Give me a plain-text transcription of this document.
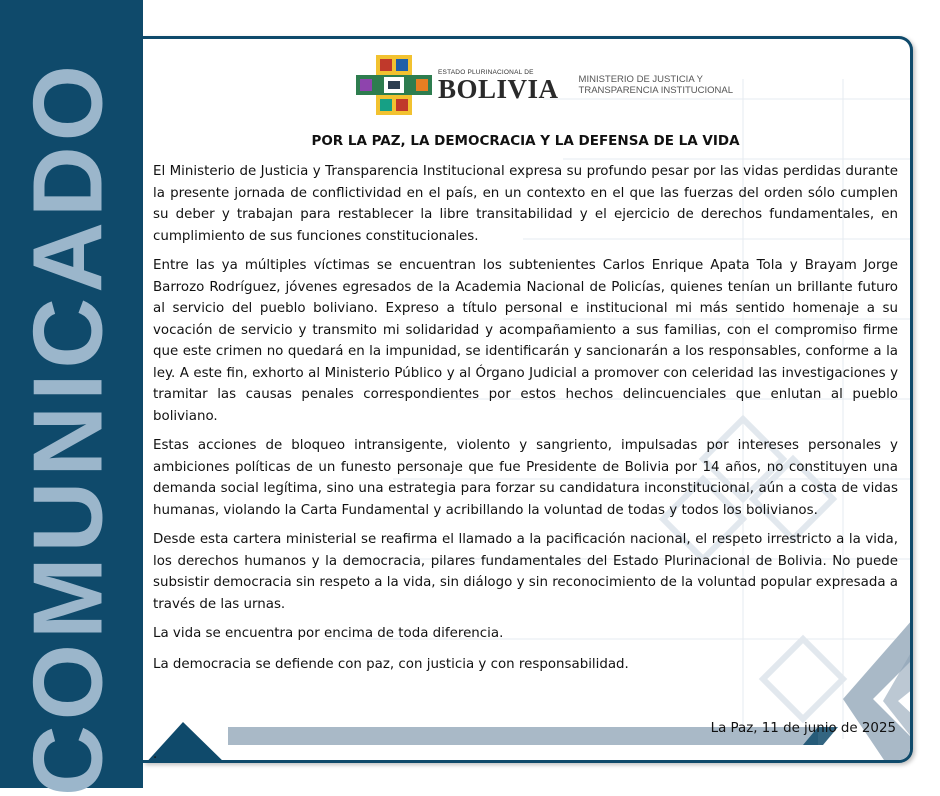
COMUNICADO	ESTADO PLURINACIONAL DE
BOLIVIA MINISTERIO DE JUSTICIA Y
TRANSPARENCIA INSTITUCIONAL
POR LA PAZ, LA DEMOCRACIA Y LA DEFENSA DE LA VIDA

El Ministerio de Justicia y Transparencia Institucional expresa su profundo pesar por las vidas perdidas durante la presente jornada de conflictividad en el país, en un contexto en el que las fuerzas del orden sólo cumplen su deber y trabajan para restablecer la libre transitabilidad y el ejercicio de derechos fundamentales, en cumplimiento de sus funciones constitucionales.

Entre las ya múltiples víctimas se encuentran los subtenientes Carlos Enrique Apata Tola y Brayam Jorge Barrozo Rodríguez, jóvenes egresados de la Academia Nacional de Policías, quienes tenían un brillante futuro al servicio del pueblo boliviano. Expreso a título personal e institucional mi más sentido homenaje a su vocación de servicio y transmito mi solidaridad y acompañamiento a sus familias, con el compromiso firme que este crimen no quedará en la impunidad, se identificarán y sancionarán a los responsables, conforme a la ley. A este fin, exhorto al Ministerio Público y al Órgano Judicial a promover con celeridad las investigaciones y tramitar las causas penales correspondientes por estos hechos delincuenciales que enlutan al pueblo boliviano.

Estas acciones de bloqueo intransigente, violento y sangriento, impulsadas por intereses personales y ambiciones políticas de un funesto personaje que fue Presidente de Bolivia por 14 años, no constituyen una demanda social legítima, sino una estrategia para forzar su candidatura inconstitucional, aún a costa de vidas humanas, violando la Carta Fundamental y acribillando la voluntad de todas y todos los bolivianos.

Desde esta cartera ministerial se reafirma el llamado a la pacificación nacional, el respeto irrestricto a la vida, los derechos humanos y la democracia, pilares fundamentales del Estado Plurinacional de Bolivia. No puede subsistir democracia sin respeto a la vida, sin diálogo y sin reconocimiento de la voluntad popular expresada a través de las urnas.

La vida se encuentra por encima de toda diferencia.

La democracia se defiende con paz, con justicia y con responsabilidad.

La Paz, 11 de junio de 2025
.
